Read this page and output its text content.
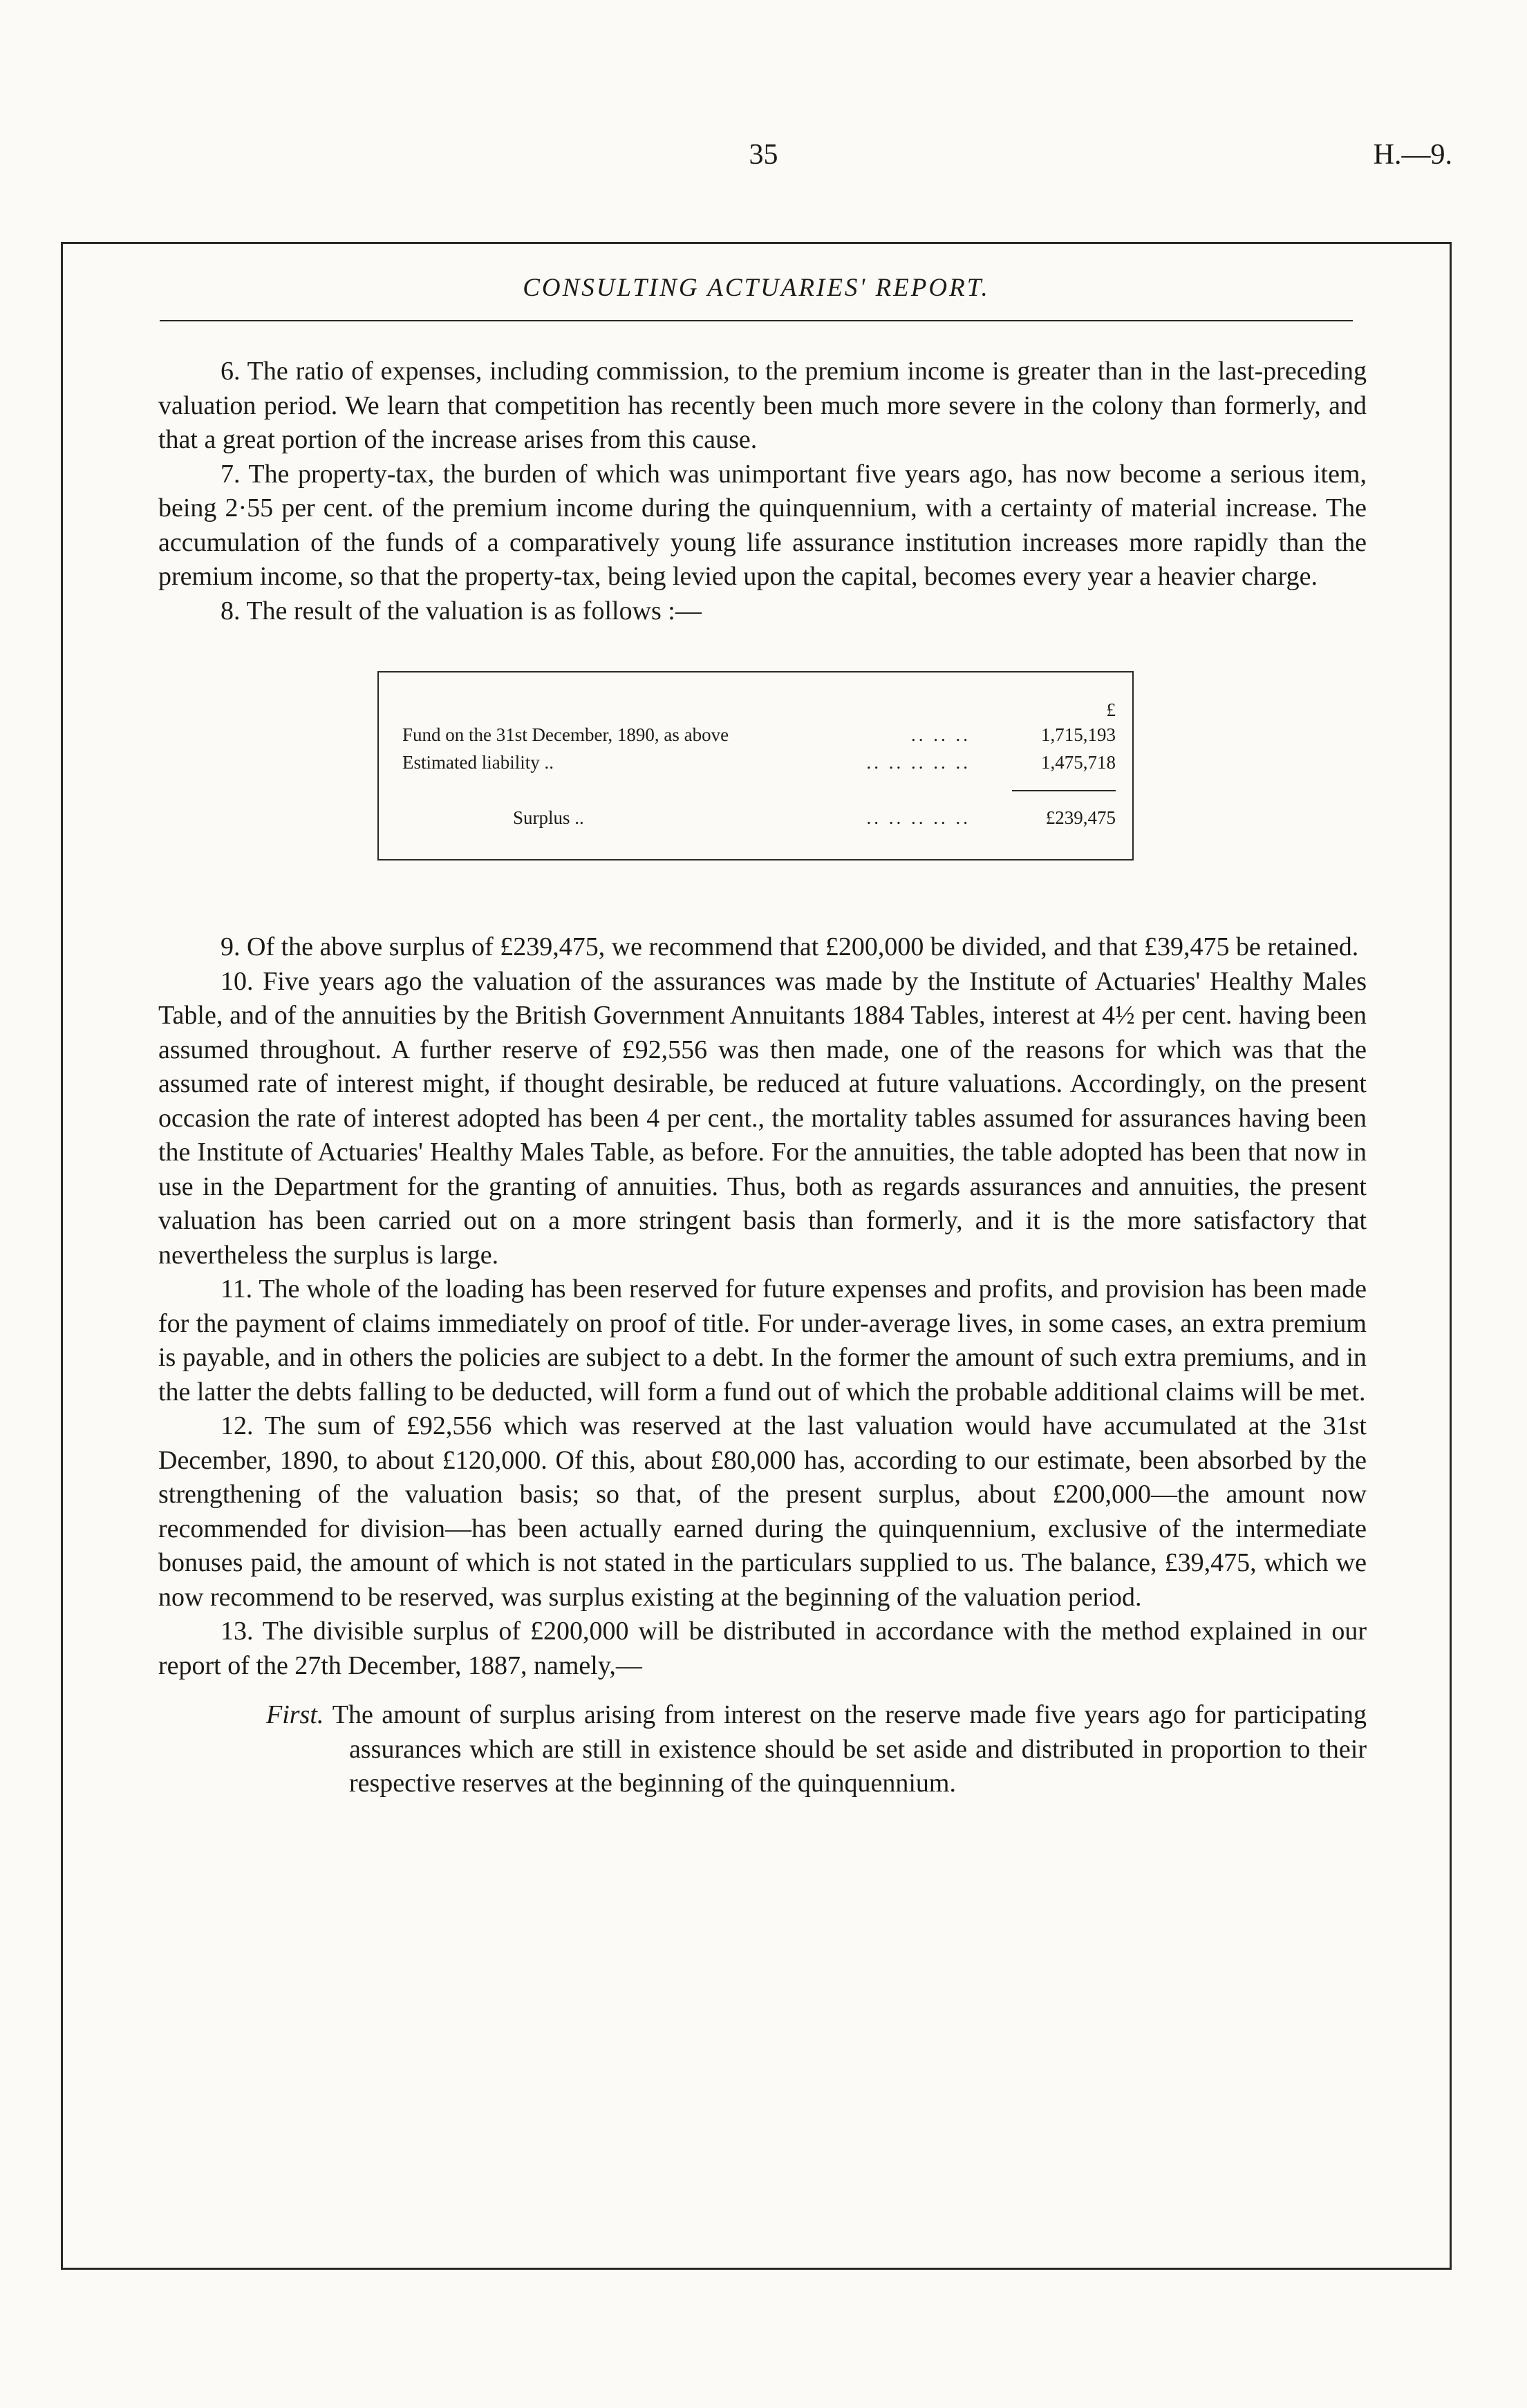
35	H.—9.
CONSULTING ACTUARIES' REPORT.

6. The ratio of expenses, including commission, to the premium income is greater than in the last-preceding valuation period. We learn that competition has recently been much more severe in the colony than formerly, and that a great portion of the increase arises from this cause.

7. The property-tax, the burden of which was unimportant five years ago, has now become a serious item, being 2·55 per cent. of the premium income during the quinquennium, with a certainty of material increase. The accumulation of the funds of a comparatively young life assurance institution increases more rapidly than the premium income, so that the property-tax, being levied upon the capital, becomes every year a heavier charge.

8. The result of the valuation is as follows :—

£
Fund on the 31st December, 1890, as above	.. .. ..	1,715,193
Estimated liability ..	.. .. .. .. ..	1,475,718
Surplus ..	.. .. .. .. ..	£239,475

9. Of the above surplus of £239,475, we recommend that £200,000 be divided, and that £39,475 be retained.

10. Five years ago the valuation of the assurances was made by the Institute of Actuaries' Healthy Males Table, and of the annuities by the British Government Annuitants 1884 Tables, interest at 4½ per cent. having been assumed throughout. A further reserve of £92,556 was then made, one of the reasons for which was that the assumed rate of interest might, if thought desirable, be reduced at future valuations. Accordingly, on the present occasion the rate of interest adopted has been 4 per cent., the mortality tables assumed for assurances having been the Institute of Actuaries' Healthy Males Table, as before. For the annuities, the table adopted has been that now in use in the Department for the granting of annuities. Thus, both as regards assurances and annuities, the present valuation has been carried out on a more stringent basis than formerly, and it is the more satisfactory that nevertheless the surplus is large.

11. The whole of the loading has been reserved for future expenses and profits, and provision has been made for the payment of claims immediately on proof of title. For under-average lives, in some cases, an extra premium is payable, and in others the policies are subject to a debt. In the former the amount of such extra premiums, and in the latter the debts falling to be deducted, will form a fund out of which the probable additional claims will be met.

12. The sum of £92,556 which was reserved at the last valuation would have accumulated at the 31st December, 1890, to about £120,000. Of this, about £80,000 has, according to our estimate, been absorbed by the strengthening of the valuation basis; so that, of the present surplus, about £200,000—the amount now recommended for division—has been actually earned during the quinquennium, exclusive of the intermediate bonuses paid, the amount of which is not stated in the particulars supplied to us. The balance, £39,475, which we now recommend to be reserved, was surplus existing at the beginning of the valuation period.

13. The divisible surplus of £200,000 will be distributed in accordance with the method explained in our report of the 27th December, 1887, namely,—

First. The amount of surplus arising from interest on the reserve made five years ago for participating assurances which are still in existence should be set aside and distributed in proportion to their respective reserves at the beginning of the quinquennium.
